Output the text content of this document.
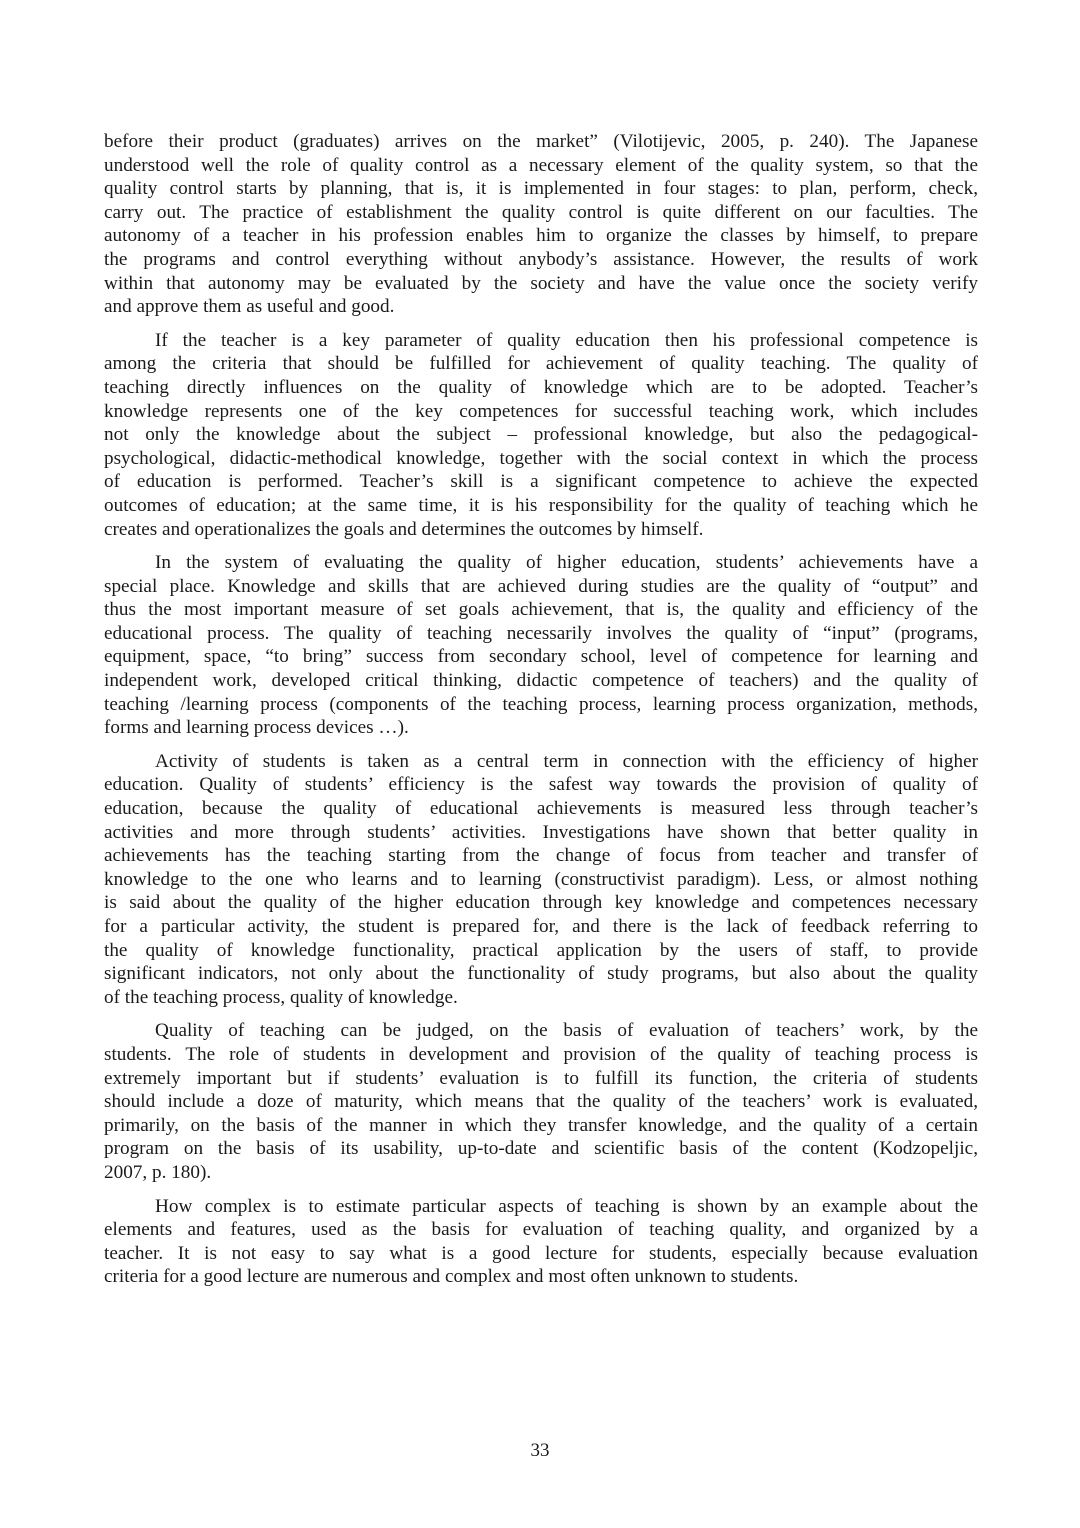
before their product (graduates) arrives on the market” (Vilotijevic, 2005, p. 240). The Japanese
understood well the role of quality control as a necessary element of the quality system, so that the
quality control starts by planning, that is, it is implemented in four stages: to plan, perform, check,
carry out. The practice of establishment the quality control is quite different on our faculties. The
autonomy of a teacher in his profession enables him to organize the classes by himself, to prepare
the programs and control everything without anybody’s assistance. However, the results of work
within that autonomy may be evaluated by the society and have the value once the society verify
and approve them as useful and good.
If the teacher is a key parameter of quality education then his professional competence is
among the criteria that should be fulfilled for achievement of quality teaching. The quality of
teaching directly influences on the quality of knowledge which are to be adopted. Teacher’s
knowledge represents one of the key competences for successful teaching work, which includes
not only the knowledge about the subject – professional knowledge, but also the pedagogical-
psychological, didactic-methodical knowledge, together with the social context in which the process
of education is performed. Teacher’s skill is a significant competence to achieve the expected
outcomes of education; at the same time, it is his responsibility for the quality of teaching which he
creates and operationalizes the goals and determines the outcomes by himself.
In the system of evaluating the quality of higher education, students’ achievements have a
special place. Knowledge and skills that are achieved during studies are the quality of “output” and
thus the most important measure of set goals achievement, that is, the quality and efficiency of the
educational process. The quality of teaching necessarily involves the quality of “input” (programs,
equipment, space, “to bring” success from secondary school, level of competence for learning and
independent work, developed critical thinking, didactic competence of teachers) and the quality of
teaching /learning process (components of the teaching process, learning process organization, methods,
forms and learning process devices …).
Activity of students is taken as a central term in connection with the efficiency of higher
education. Quality of students’ efficiency is the safest way towards the provision of quality of
education, because the quality of educational achievements is measured less through teacher’s
activities and more through students’ activities. Investigations have shown that better quality in
achievements has the teaching starting from the change of focus from teacher and transfer of
knowledge to the one who learns and to learning (constructivist paradigm). Less, or almost nothing
is said about the quality of the higher education through key knowledge and competences necessary
for a particular activity, the student is prepared for, and there is the lack of feedback referring to
the quality of knowledge functionality, practical application by the users of staff, to provide
significant indicators, not only about the functionality of study programs, but also about the quality
of the teaching process, quality of knowledge.
Quality of teaching can be judged, on the basis of evaluation of teachers’ work, by the
students. The role of students in development and provision of the quality of teaching process is
extremely important but if students’ evaluation is to fulfill its function, the criteria of students
should include a doze of maturity, which means that the quality of the teachers’ work is evaluated,
primarily, on the basis of the manner in which they transfer knowledge, and the quality of a certain
program on the basis of its usability, up-to-date and scientific basis of the content (Kodzopeljic,
2007, p. 180).
How complex is to estimate particular aspects of teaching is shown by an example about the
elements and features, used as the basis for evaluation of teaching quality, and organized by a
teacher. It is not easy to say what is a good lecture for students, especially because evaluation
criteria for a good lecture are numerous and complex and most often unknown to students.
33
